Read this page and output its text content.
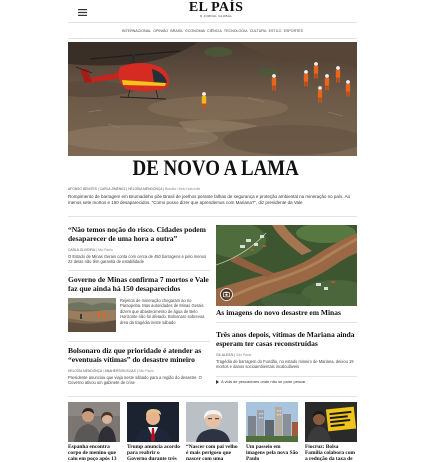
EL PAÍS
O JORNAL GLOBAL
INTERNACIONAL OPINIÃO BRASIL ECONOMIA CIÊNCIA TECNOLOGIA CULTURA ESTILO ESPORTES
DE NOVO A LAMA
AFONSO BENITES | CARLA JIMÉNEZ | HELOÍSA MENDONÇA | Brasília / Belo Horizonte
Rompimento de barragem em Brumadinho põe Brasil de joelhos perante falhas de segurança e proteção ambiental na mineração no país. Ao menos sete mortos e 150 desaparecidos. “Como posso dizer que aprendemos com Mariana?”, diz presidente da Vale
“Não temos noção do risco. Cidades podem desaparecer de uma hora a outra”
CARLA OLIVEIRA | São Paulo
O Estado de Minas Gerais conta com cerca de 450 barragens e pelo menos 22 delas não têm garantia de estabilidade
Governo de Minas confirma 7 mortos e Vale faz que ainda há 150 desaparecidos
Rejeitos de mineração chegaram ao rio Paraopeba. Mas autoridades de Minas Gerais dizem que abastecimento de água de Belo Horizonte não foi afetado. Bolsonaro sobrevoa área da tragédia neste sábado
Bolsonaro diz que prioridade é atender as “eventuais vítimas” do desastre mineiro
HELOÍSA MENDONÇA / ANAHERSON ELIAS | São Paulo
Presidente anunciou que viaja neste sábado para a região do desastre. O Governo ativou um gabinete de crise
As imagens do novo desastre em Minas
Três anos depois, vítimas de Mariana ainda esperam ter casas reconstruídas
GIL ALESSI | São Paulo
Tragédia de barragem do Fundão, no estado mineiro de Mariana, deixou 19 mortos e danos socioambientais incalculáveis
A vida de pescadores onde não se pode pescar
Espanha encontra corpo de menino que caiu em poço após 13
Trump anuncia acordo para reabrir o Governo durante três
“Nascer com pai velho é mais perigoso que nascer com uma
Um passeio em imagens pela nova São Paulo
Fiocruz: Bolsa Família colabora com a redução da taxa de
